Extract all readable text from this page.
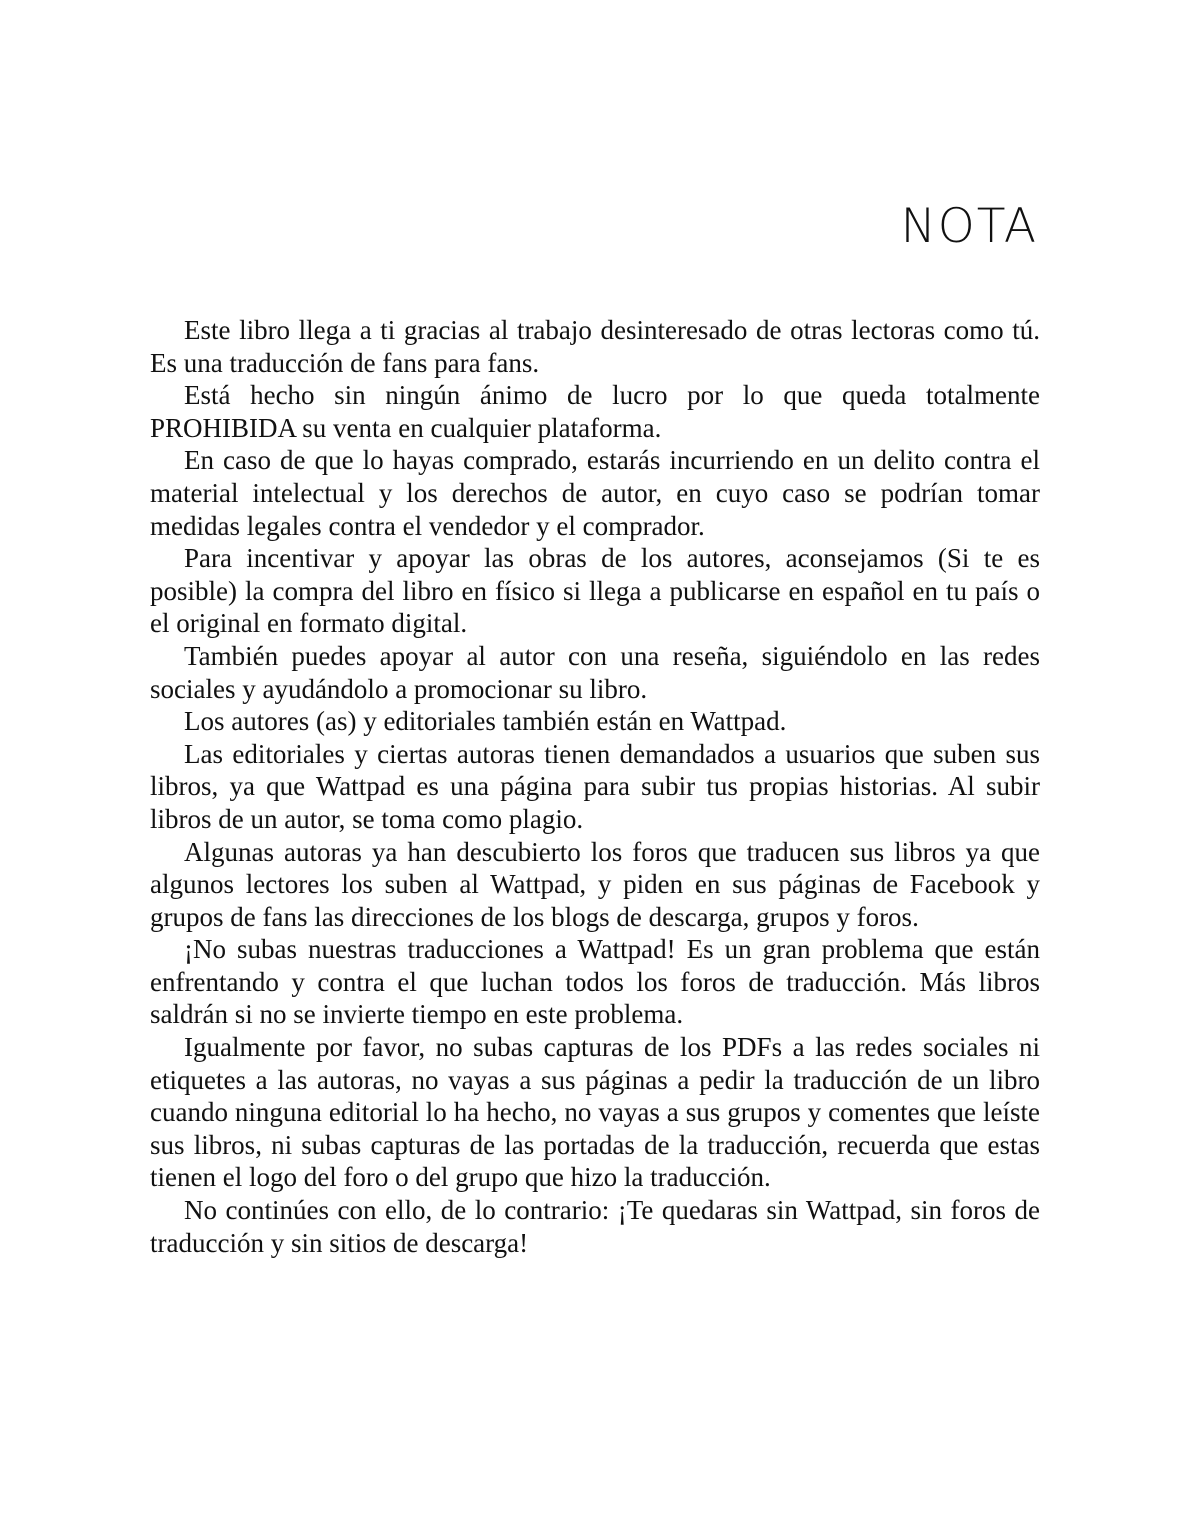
NOTA

Este libro llega a ti gracias al trabajo desinteresado de otras lectoras como tú. Es una traducción de fans para fans.

Está hecho sin ningún ánimo de lucro por lo que queda totalmente PROHIBIDA su venta en cualquier plataforma.

En caso de que lo hayas comprado, estarás incurriendo en un delito contra el material intelectual y los derechos de autor, en cuyo caso se podrían tomar medidas legales contra el vendedor y el comprador.

Para incentivar y apoyar las obras de los autores, aconsejamos (Si te es posible) la compra del libro en físico si llega a publicarse en español en tu país o el original en formato digital.

También puedes apoyar al autor con una reseña, siguiéndolo en las redes sociales y ayudándolo a promocionar su libro.

Los autores (as) y editoriales también están en Wattpad.

Las editoriales y ciertas autoras tienen demandados a usuarios que suben sus libros, ya que Wattpad es una página para subir tus propias historias. Al subir libros de un autor, se toma como plagio.

Algunas autoras ya han descubierto los foros que traducen sus libros ya que algunos lectores los suben al Wattpad, y piden en sus páginas de Facebook y grupos de fans las direcciones de los blogs de descarga, grupos y foros.

¡No subas nuestras traducciones a Wattpad! Es un gran problema que están enfrentando y contra el que luchan todos los foros de traducción. Más libros saldrán si no se invierte tiempo en este problema.

Igualmente por favor, no subas capturas de los PDFs a las redes sociales ni etiquetes a las autoras, no vayas a sus páginas a pedir la traducción de un libro cuando ninguna editorial lo ha hecho, no vayas a sus grupos y comentes que leíste sus libros, ni subas capturas de las portadas de la traducción, recuerda que estas tienen el logo del foro o del grupo que hizo la traducción.

No continúes con ello, de lo contrario: ¡Te quedaras sin Wattpad, sin foros de traducción y sin sitios de descarga!
